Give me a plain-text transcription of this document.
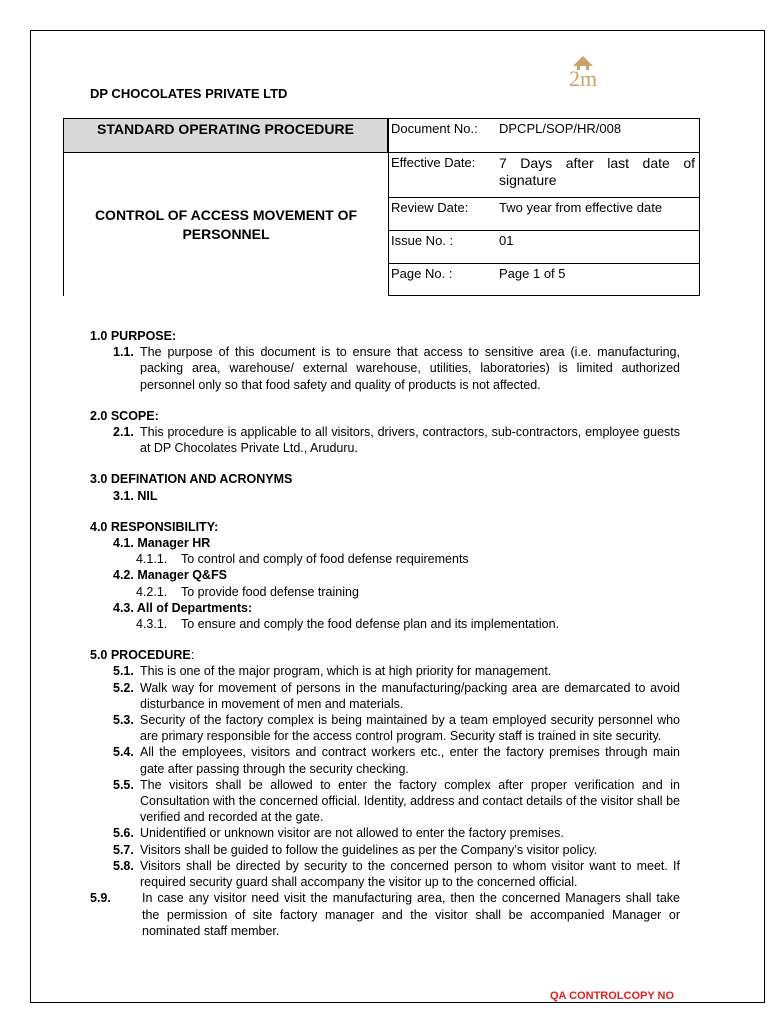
2m
DP CHOCOLATES PRIVATE LTD
STANDARD OPERATING PROCEDURE
CONTROL OF ACCESS MOVEMENT OF PERSONNEL
Document No.: DPCPL/SOP/HR/008
Effective Date: 7 Days after last date of signature
Review Date: Two year from effective date
Issue No. :	01
Page No. :	Page 1 of 5
1.0 PURPOSE:
1.1. The purpose of this document is to ensure that access to sensitive area (i.e. manufacturing, packing area, warehouse/ external warehouse, utilities, laboratories) is limited authorized personnel only so that food safety and quality of products is not affected.
2.0 SCOPE:
2.1. This procedure is applicable to all visitors, drivers, contractors, sub-contractors, employee guests at DP Chocolates Private Ltd., Aruduru.
3.0 DEFINATION AND ACRONYMS
3.1. NIL
4.0 RESPONSIBILITY:
4.1. Manager HR
4.1.1. To control and comply of food defense requirements
4.2. Manager Q&FS
4.2.1. To provide food defense training
4.3. All of Departments:
4.3.1. To ensure and comply the food defense plan and its implementation.
5.0 PROCEDURE:
5.1. This is one of the major program, which is at high priority for management.
5.2. Walk way for movement of persons in the manufacturing/packing area are demarcated to avoid disturbance in movement of men and materials.
5.3. Security of the factory complex is being maintained by a team employed security personnel who are primary responsible for the access control program. Security staff is trained in site security.
5.4. All the employees, visitors and contract workers etc., enter the factory premises through main gate after passing through the security checking.
5.5. The visitors shall be allowed to enter the factory complex after proper verification and in Consultation with the concerned official. Identity, address and contact details of the visitor shall be verified and recorded at the gate.
5.6. Unidentified or unknown visitor are not allowed to enter the factory premises.
5.7. Visitors shall be guided to follow the guidelines as per the Company’s visitor policy.
5.8. Visitors shall be directed by security to the concerned person to whom visitor want to meet. If required security guard shall accompany the visitor up to the concerned official.
5.9. In case any visitor need visit the manufacturing area, then the concerned Managers shall take the permission of site factory manager and the visitor shall be accompanied Manager or nominated staff member.
QA CONTROLCOPY NO
